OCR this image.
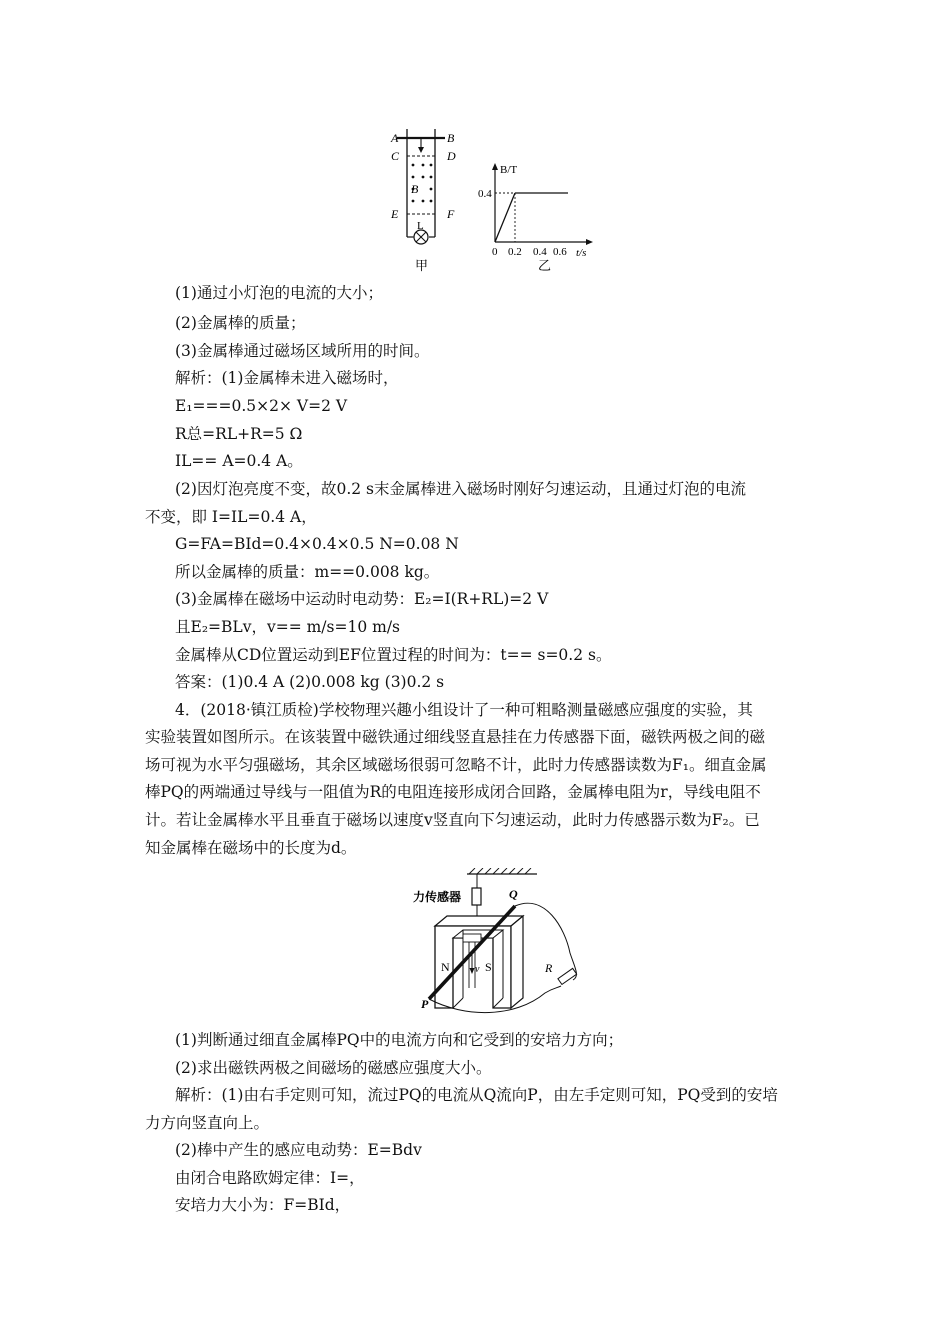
A	B
C	D
B
E	F
L
甲
B/T
0.4
0 0.2 0.4 0.6 t/s
乙
(1)通过小灯泡的电流的大小；
(2)金属棒的质量；
(3)金属棒通过磁场区域所用的时间。
解析：(1)金属棒未进入磁场时，
E₁===0.5×2× V=2 V
R总=RL+R=5 Ω
IL== A=0.4 A。
(2)因灯泡亮度不变，故0.2 s末金属棒进入磁场时刚好匀速运动，且通过灯泡的电流
不变，即 I=IL=0.4 A，
G=FA=BId=0.4×0.4×0.5 N=0.08 N
所以金属棒的质量：m==0.008 kg。
(3)金属棒在磁场中运动时电动势：E₂=I(R+RL)=2 V
且E₂=BLv，v== m/s=10 m/s
金属棒从CD位置运动到EF位置过程的时间为：t== s=0.2 s。
答案：(1)0.4 A (2)0.008 kg (3)0.2 s
4．(2018·镇江质检)学校物理兴趣小组设计了一种可粗略测量磁感应强度的实验，其
实验装置如图所示。在该装置中磁铁通过细线竖直悬挂在力传感器下面，磁铁两极之间的磁
场可视为水平匀强磁场，其余区域磁场很弱可忽略不计，此时力传感器读数为F₁。细直金属
棒PQ的两端通过导线与一阻值为R的电阻连接形成闭合回路，金属棒电阻为r，导线电阻不
计。若让金属棒水平且垂直于磁场以速度v竖直向下匀速运动，此时力传感器示数为F₂。已
知金属棒在磁场中的长度为d。
力传感器
v
Q
P
N	S	R
(1)判断通过细直金属棒PQ中的电流方向和它受到的安培力方向；
(2)求出磁铁两极之间磁场的磁感应强度大小。
解析：(1)由右手定则可知，流过PQ的电流从Q流向P，由左手定则可知，PQ受到的安培
力方向竖直向上。
(2)棒中产生的感应电动势：E=Bdv
由闭合电路欧姆定律：I=，
安培力大小为：F=BId，
